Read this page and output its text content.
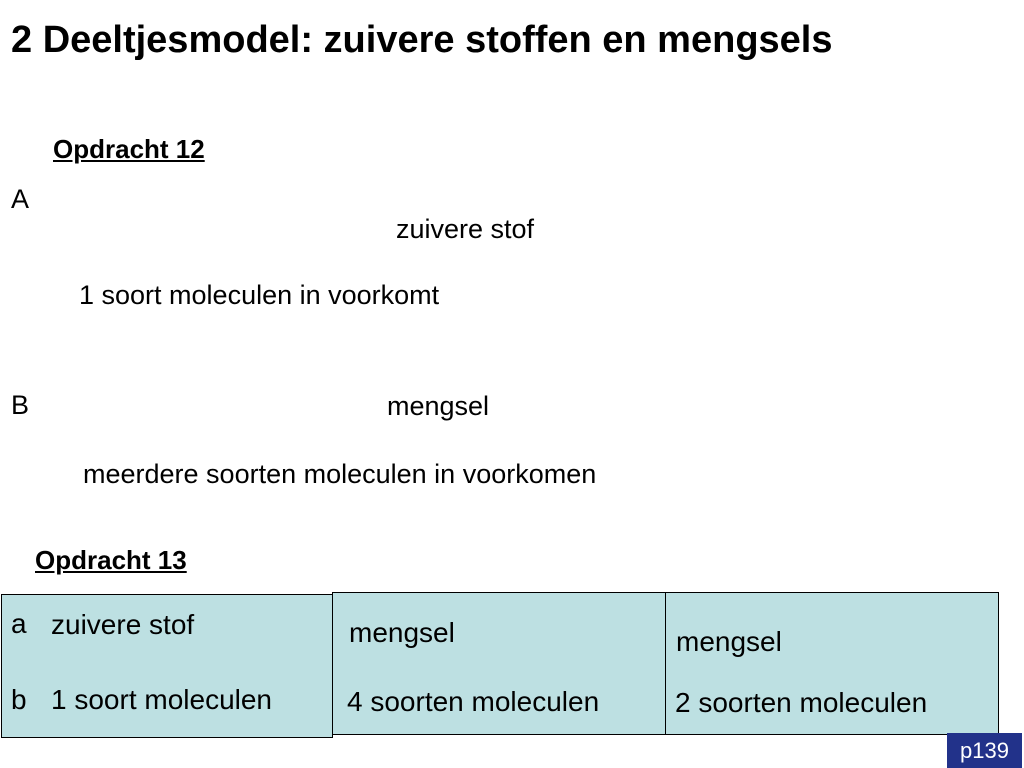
2 Deeltjesmodel: zuivere stoffen en mengsels
Opdracht 12
A
zuivere stof
1 soort moleculen in voorkomt
B	mengsel
meerdere soorten moleculen in voorkomen
Opdracht 13
a zuivere stof
b 1 soort moleculen
mengsel
4 soorten moleculen
mengsel
2 soorten moleculen
p139
